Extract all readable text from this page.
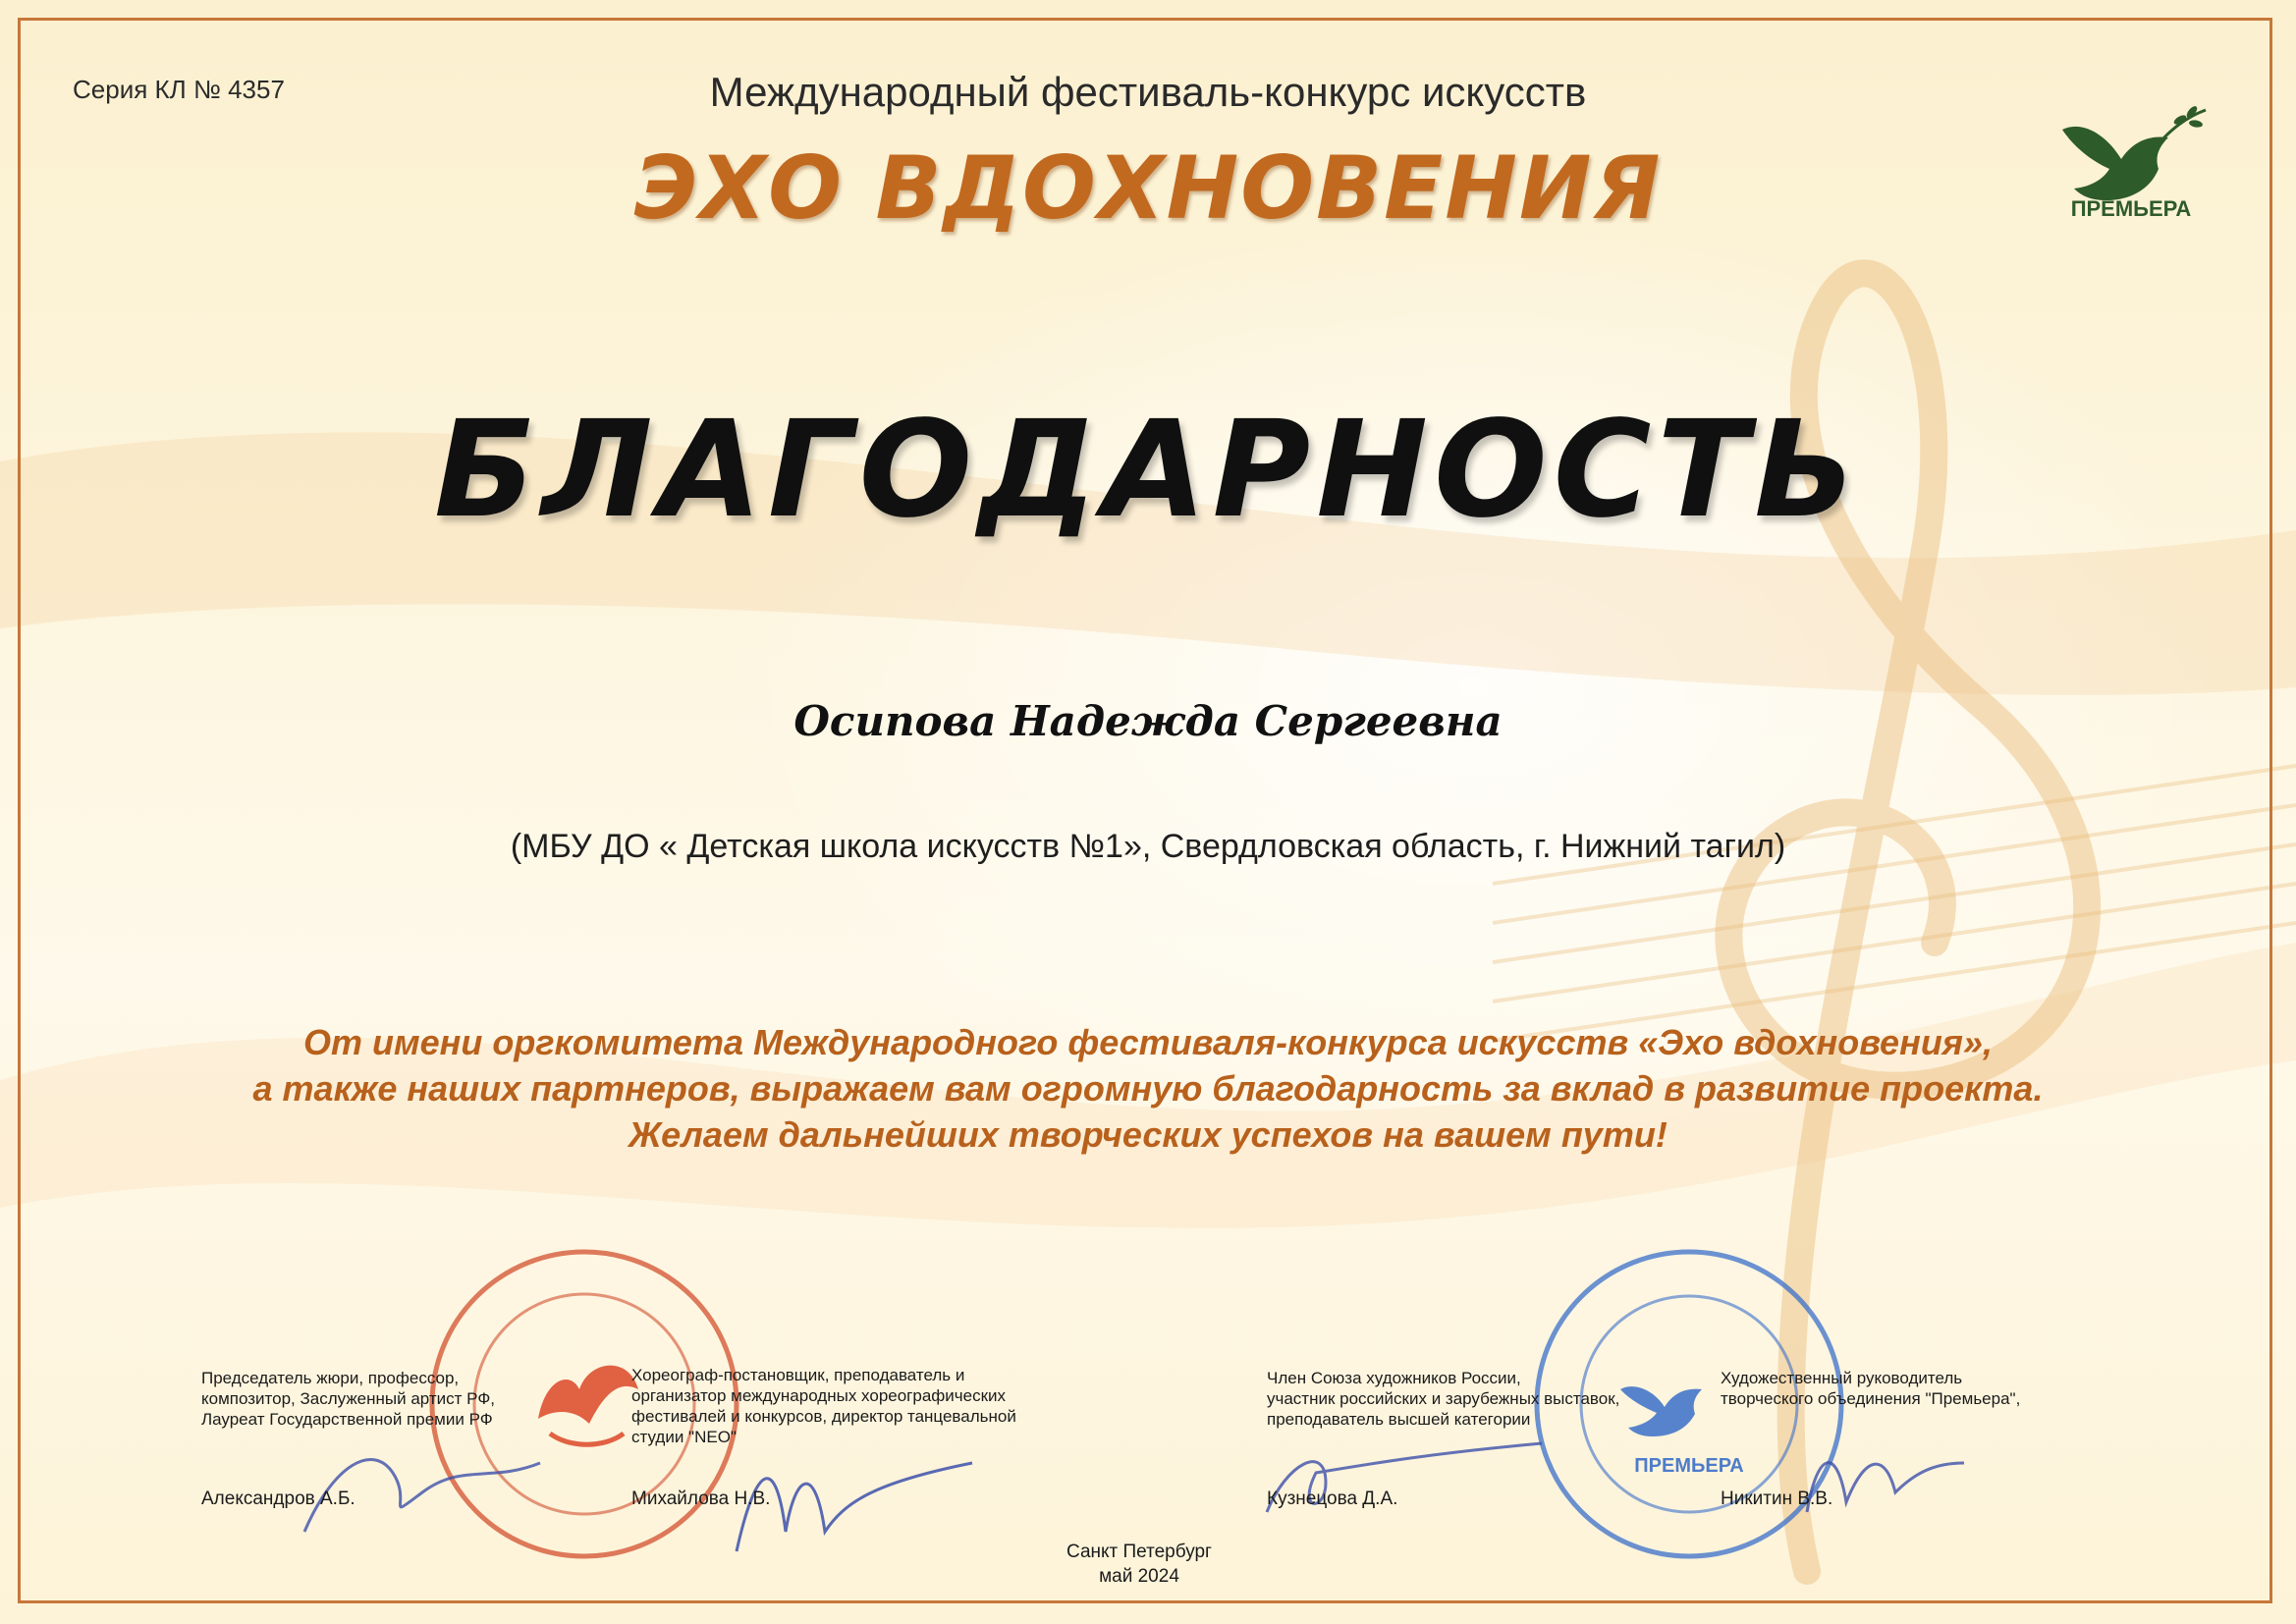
Серия КЛ № 4357	Международный фестиваль-конкурс искусств
ЭХО ВДОХНОВЕНИЯ	ПРЕМЬЕРА
БЛАГОДАРНОСТЬ
Осипова Надежда Сергеевна
(МБУ ДО « Детская школа искусств №1», Свердловская область, г. Нижний тагил)
От имени оргкомитета Международного фестиваля-конкурса искусств «Эхо вдохновения»,
а также наших партнеров, выражаем вам огромную благодарность за вклад в развитие проекта.
Желаем дальнейших творческих успехов на вашем пути!
ПРЕМЬЕРА
Председатель жюри, профессор,
композитор, Заслуженный артист РФ,
Лауреат Государственной премии РФ
Александров А.Б.
Хореограф-постановщик, преподаватель и
организатор международных хореографических
фестивалей и конкурсов, директор танцевальной
студии "NEO"
Михайлова Н.В.
Член Союза художников России,
участник российских и зарубежных выставок,
преподаватель высшей категории
Кузнецова Д.А.
Художественный руководитель
творческого объединения "Премьера",
Никитин В.В.
Санкт Петербург
май 2024
